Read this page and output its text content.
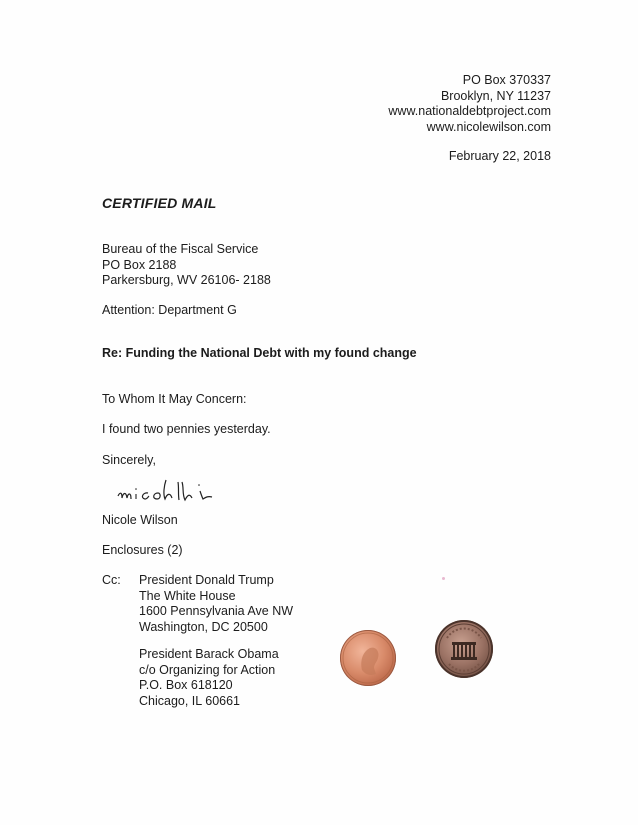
PO Box 370337
Brooklyn, NY 11237
www.nationaldebtproject.com
www.nicolewilson.com
February 22, 2018
CERTIFIED MAIL
Bureau of the Fiscal Service
PO Box 2188
Parkersburg, WV 26106- 2188
Attention: Department G
Re: Funding the National Debt with my found change
To Whom It May Concern:
I found two pennies yesterday.
Sincerely,
Nicole Wilson
Enclosures (2)
Cc: President Donald Trump
The White House
1600 Pennsylvania Ave NW
Washington, DC 20500
President Barack Obama
c/o Organizing for Action
P.O. Box 618120
Chicago, IL 60661
